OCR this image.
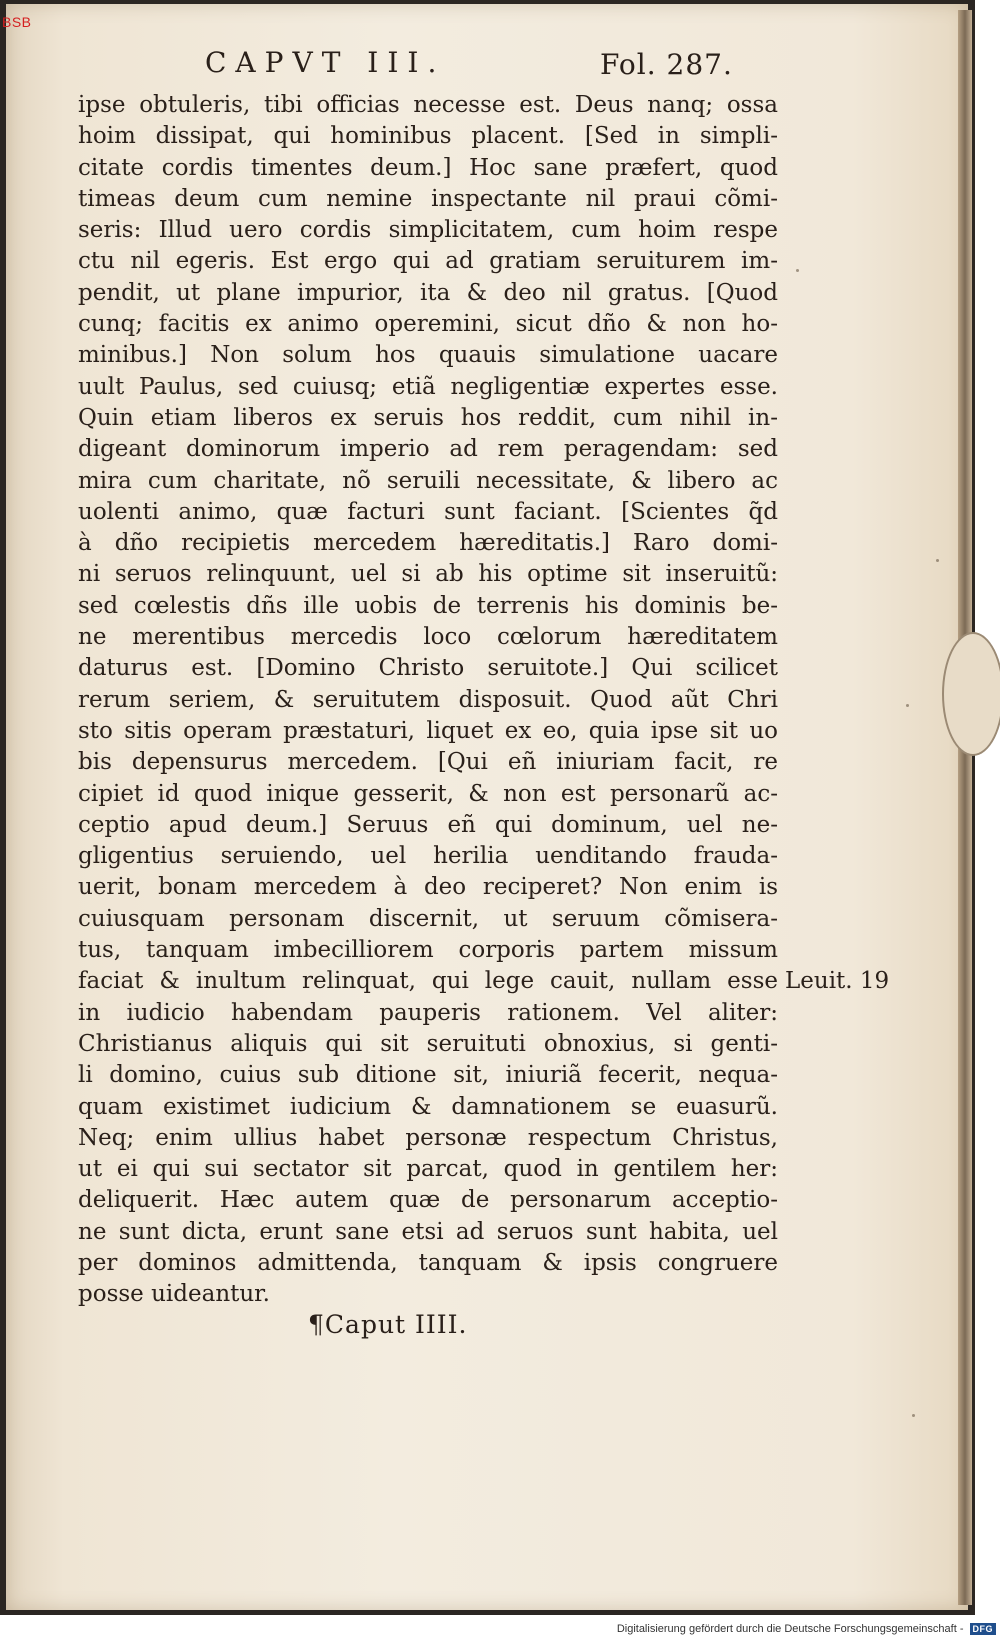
BSB
CAPVT III.	Fol. 287.
ipse obtuleris, tibi officias necesse est. Deus nanq; ossa
hoim dissipat, qui hominibus placent. [Sed in simpli-
citate cordis timentes deum.] Hoc sane præfert, quod
timeas deum cum nemine inspectante nil praui cõmi-
seris: Illud uero cordis simplicitatem, cum hoim respe
ctu nil egeris. Est ergo qui ad gratiam seruiturem im-
pendit, ut plane impurior, ita & deo nil gratus. [Quod
cunq; facitis ex animo operemini, sicut dño & non ho-
minibus.] Non solum hos quauis simulatione uacare
uult Paulus, sed cuiusq; etiã negligentiæ expertes esse.
Quin etiam liberos ex seruis hos reddit, cum nihil in-
digeant dominorum imperio ad rem peragendam: sed
mira cum charitate, nõ seruili necessitate, & libero ac
uolenti animo, quæ facturi sunt faciant. [Scientes q̃d
à dño recipietis mercedem hæreditatis.] Raro domi-
ni seruos relinquunt, uel si ab his optime sit inseruitũ:
sed cœlestis dñs ille uobis de terrenis his dominis be-
ne merentibus mercedis loco cœlorum hæreditatem
daturus est. [Domino Christo seruitote.] Qui scilicet
rerum seriem, & seruitutem disposuit. Quod aũt Chri
sto sitis operam præstaturi, liquet ex eo, quia ipse sit uo
bis depensurus mercedem. [Qui eñ iniuriam facit, re
cipiet id quod inique gesserit, & non est personarũ ac-
ceptio apud deum.] Seruus eñ qui dominum, uel ne-
gligentius seruiendo, uel herilia uenditando frauda-
uerit, bonam mercedem à deo reciperet? Non enim is
cuiusquam personam discernit, ut seruum cõmisera-
tus, tanquam imbecilliorem corporis partem missum
faciat & inultum relinquat, qui lege cauit, nullam esse
in iudicio habendam pauperis rationem. Vel aliter:
Christianus aliquis qui sit seruituti obnoxius, si genti-
li domino, cuius sub ditione sit, iniuriã fecerit, nequa-
quam existimet iudicium & damnationem se euasurũ.
Neq; enim ullius habet personæ respectum Christus,
ut ei qui sui sectator sit parcat, quod in gentilem her:
deliquerit. Hæc autem quæ de personarum acceptio-
ne sunt dicta, erunt sane etsi ad seruos sunt habita, uel
per dominos admittenda, tanquam & ipsis congruere
posse uideantur.
Leuit. 19
¶Caput IIII.
Digitalisierung gefördert durch die Deutsche Forschungsgemeinschaft -	DFG
